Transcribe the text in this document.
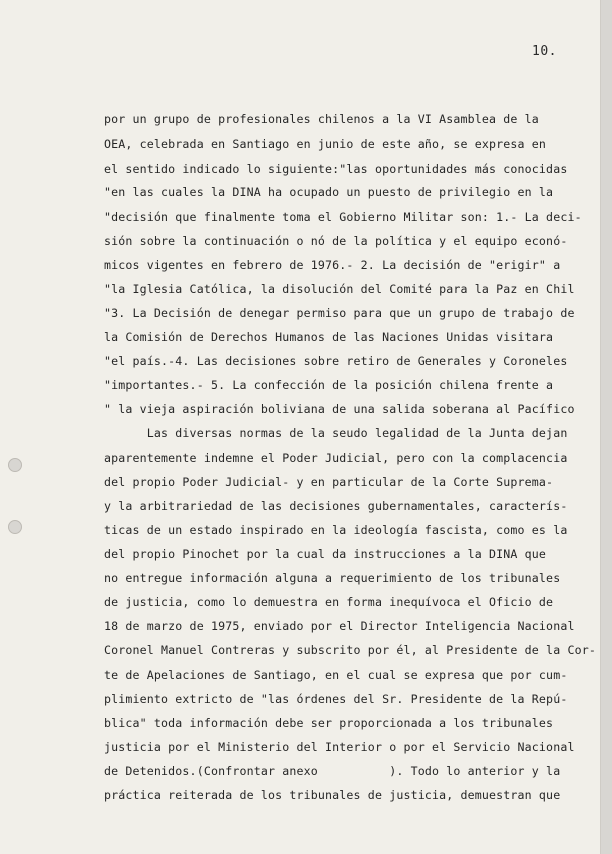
10.
por un grupo de profesionales chilenos a la VI Asamblea de la
OEA, celebrada en Santiago en junio de este año, se expresa en
el sentido indicado lo siguiente:"las oportunidades más conocidas
"en las cuales la DINA ha ocupado un puesto de privilegio en la
"decisión que finalmente toma el Gobierno Militar son: 1.- La deci-
sión sobre la continuación o nó de la política y el equipo econó-
micos vigentes en febrero de 1976.- 2. La decisión de "erigir" a
"la Iglesia Católica, la disolución del Comité para la Paz en Chil
"3. La Decisión de denegar permiso para que un grupo de trabajo de
la Comisión de Derechos Humanos de las Naciones Unidas visitara
"el país.-4. Las decisiones sobre retiro de Generales y Coroneles
"importantes.- 5. La confección de la posición chilena frente a
" la vieja aspiración boliviana de una salida soberana al Pacífico
Las diversas normas de la seudo legalidad de la Junta dejan
aparentemente indemne el Poder Judicial, pero con la complacencia
del propio Poder Judicial- y en particular de la Corte Suprema-
y la arbitrariedad de las decisiones gubernamentales, caracterís-
ticas de un estado inspirado en la ideología fascista, como es la
del propio Pinochet por la cual da instrucciones a la DINA que
no entregue información alguna a requerimiento de los tribunales
de justicia, como lo demuestra en forma inequívoca el Oficio de
18 de marzo de 1975, enviado por el Director Inteligencia Nacional
Coronel Manuel Contreras y subscrito por él, al Presidente de la Cor-
te de Apelaciones de Santiago, en el cual se expresa que por cum-
plimiento extricto de "las órdenes del Sr. Presidente de la Repú-
blica" toda información debe ser proporcionada a los tribunales
justicia por el Ministerio del Interior o por el Servicio Nacional
de Detenidos.(Confrontar anexo          ). Todo lo anterior y la
práctica reiterada de los tribunales de justicia, demuestran que
